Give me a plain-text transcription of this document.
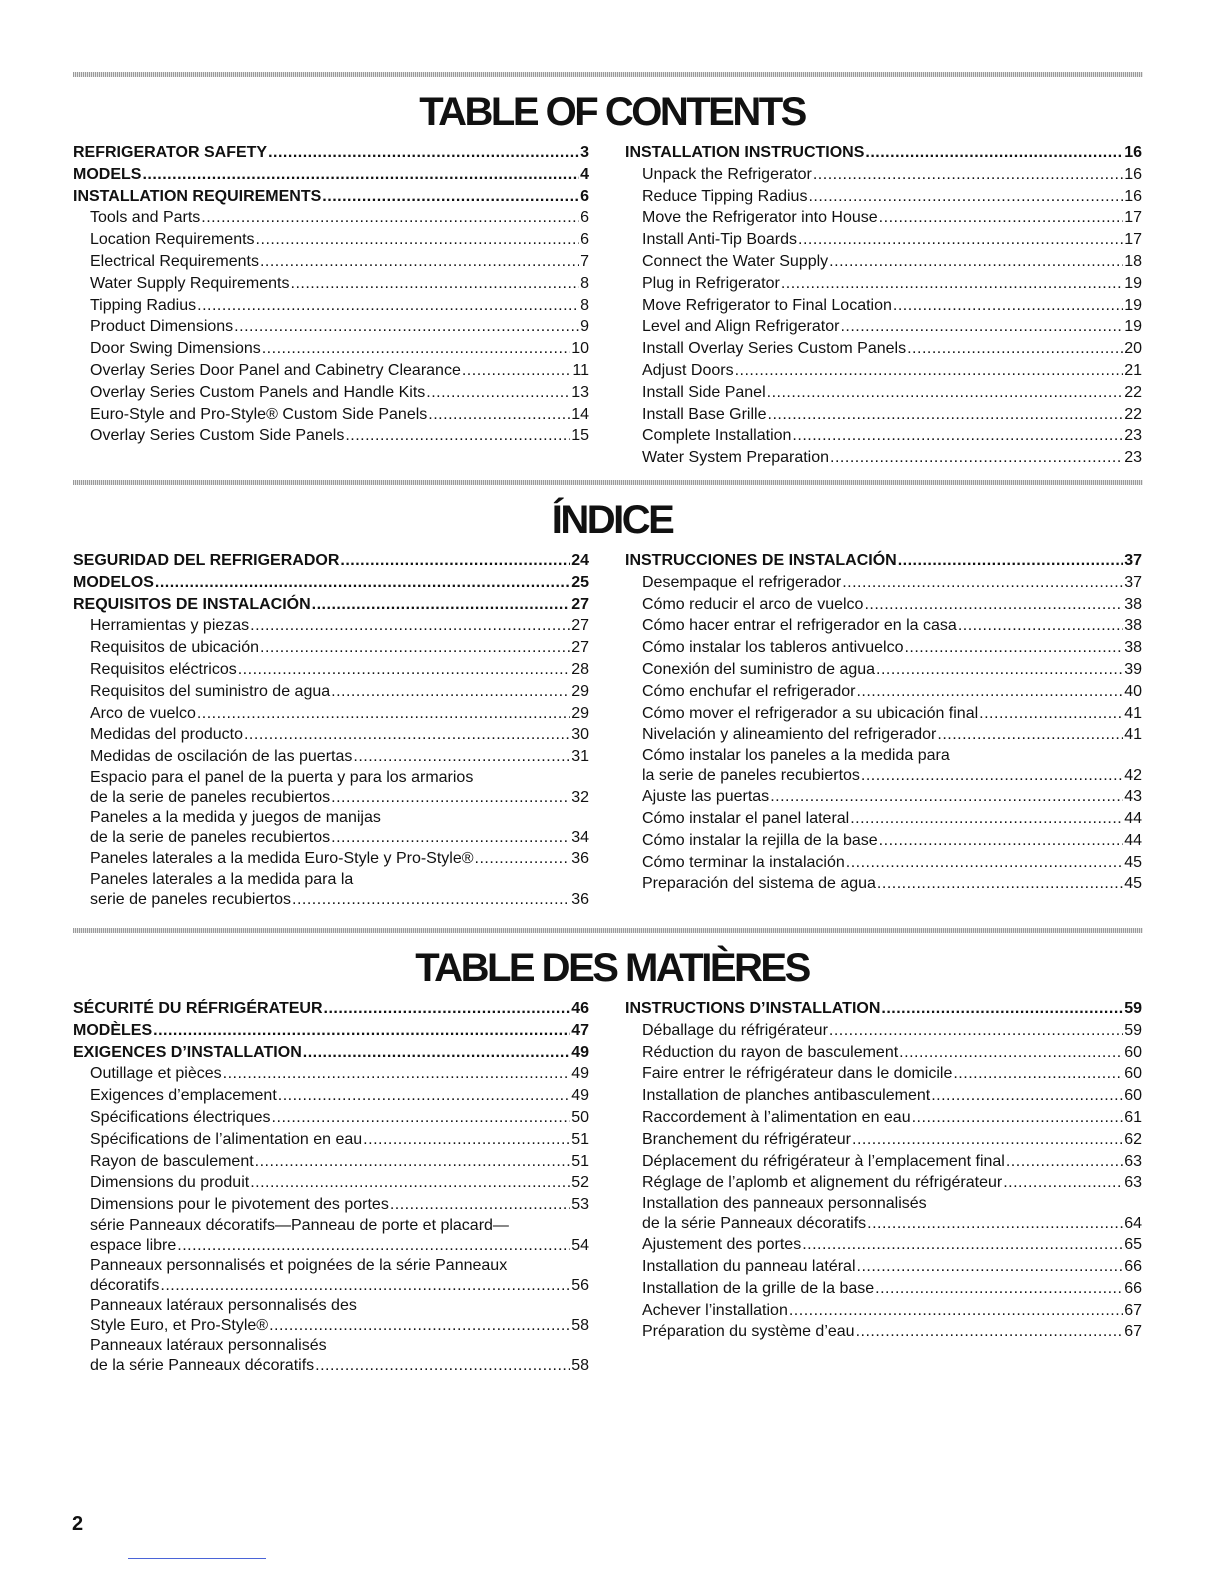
TABLE OF CONTENTS
REFRIGERATOR SAFETY .....	3
MODELS .....	4
INSTALLATION REQUIREMENTS .....	6
Tools and Parts .....	6
Location Requirements .....	6
Electrical Requirements .....	7
Water Supply Requirements .....	8
Tipping Radius .....	8
Product Dimensions .....	9
Door Swing Dimensions .....	10
Overlay Series Door Panel and Cabinetry Clearance .....	11
Overlay Series Custom Panels and Handle Kits .....	13
Euro-Style and Pro-Style® Custom Side Panels .....	14
Overlay Series Custom Side Panels .....	15
INSTALLATION INSTRUCTIONS .....	16
Unpack the Refrigerator .....	16
Reduce Tipping Radius .....	16
Move the Refrigerator into House .....	17
Install Anti-Tip Boards .....	17
Connect the Water Supply .....	18
Plug in Refrigerator .....	19
Move Refrigerator to Final Location .....	19
Level and Align Refrigerator .....	19
Install Overlay Series Custom Panels .....	20
Adjust Doors .....	21
Install Side Panel .....	22
Install Base Grille .....	22
Complete Installation .....	23
Water System Preparation .....	23
ÍNDICE
SEGURIDAD DEL REFRIGERADOR .....	24
MODELOS .....	25
REQUISITOS DE INSTALACIÓN .....	27
Herramientas y piezas .....	27
Requisitos de ubicación .....	27
Requisitos eléctricos .....	28
Requisitos del suministro de agua .....	29
Arco de vuelco .....	29
Medidas del producto .....	30
Medidas de oscilación de las puertas .....	31
Espacio para el panel de la puerta y para los armarios
de la serie de paneles recubiertos .....	32
Paneles a la medida y juegos de manijas
de la serie de paneles recubiertos .....	34
Paneles laterales a la medida Euro-Style y Pro-Style® .....	36
Paneles laterales a la medida para la
serie de paneles recubiertos .....	36
INSTRUCCIONES DE INSTALACIÓN .....	37
Desempaque el refrigerador .....	37
Cómo reducir el arco de vuelco .....	38
Cómo hacer entrar el refrigerador en la casa .....	38
Cómo instalar los tableros antivuelco .....	38
Conexión del suministro de agua .....	39
Cómo enchufar el refrigerador .....	40
Cómo mover el refrigerador a su ubicación final .....	41
Nivelación y alineamiento del refrigerador .....	41
Cómo instalar los paneles a la medida para
la serie de paneles recubiertos .....	42
Ajuste las puertas .....	43
Cómo instalar el panel lateral .....	44
Cómo instalar la rejilla de la base .....	44
Cómo terminar la instalación .....	45
Preparación del sistema de agua .....	45
TABLE DES MATIÈRES
SÉCURITÉ DU RÉFRIGÉRATEUR .....	46
MODÈLES .....	47
EXIGENCES D’INSTALLATION .....	49
Outillage et pièces .....	49
Exigences d’emplacement .....	49
Spécifications électriques .....	50
Spécifications de l’alimentation en eau .....	51
Rayon de basculement .....	51
Dimensions du produit .....	52
Dimensions pour le pivotement des portes .....	53
série Panneaux décoratifs—Panneau de porte et placard—
espace libre .....	54
Panneaux personnalisés et poignées de la série Panneaux
décoratifs .....	56
Panneaux latéraux personnalisés des
Style Euro, et Pro-Style® .....	58
Panneaux latéraux personnalisés
de la série Panneaux décoratifs .....	58
INSTRUCTIONS D’INSTALLATION .....	59
Déballage du réfrigérateur .....	59
Réduction du rayon de basculement .....	60
Faire entrer le réfrigérateur dans le domicile .....	60
Installation de planches antibasculement .....	60
Raccordement à l’alimentation en eau .....	61
Branchement du réfrigérateur .....	62
Déplacement du réfrigérateur à l’emplacement final .....	63
Réglage de l’aplomb et alignement du réfrigérateur .....	63
Installation des panneaux personnalisés
de la série Panneaux décoratifs .....	64
Ajustement des portes .....	65
Installation du panneau latéral .....	66
Installation de la grille de la base .....	66
Achever l’installation .....	67
Préparation du système d’eau .....	67
2
